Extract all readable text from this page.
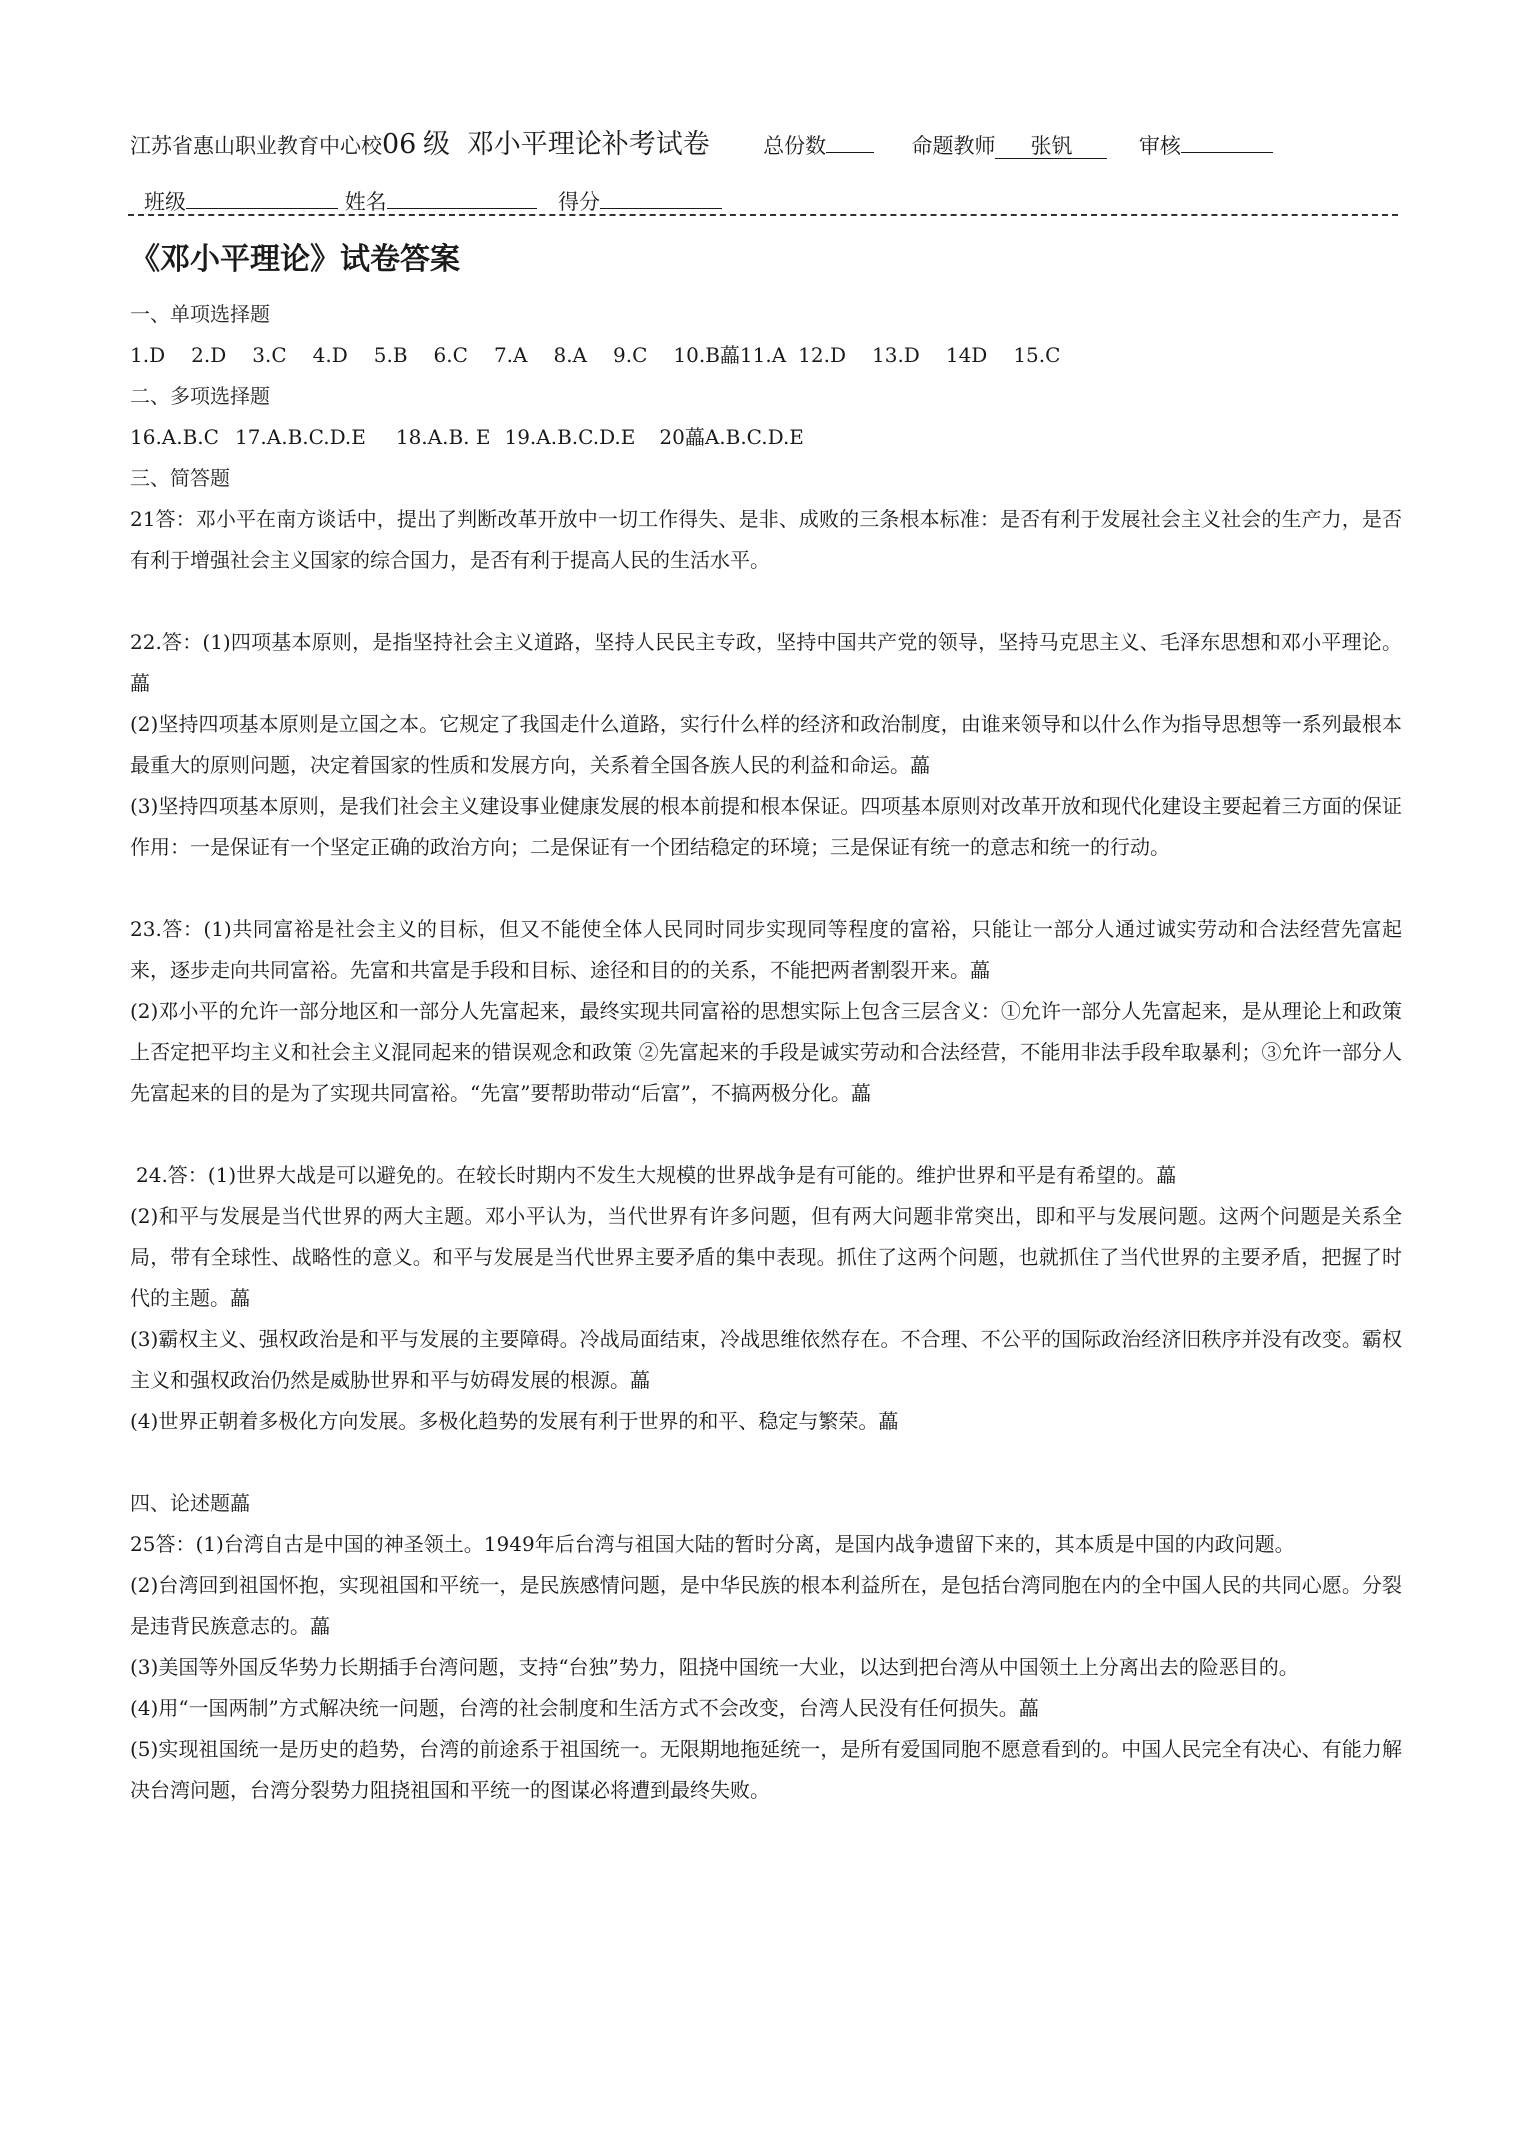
江苏省惠山职业教育中心校06 级 邓小平理论补考试卷	总份数	命题教师 张钒	审核
班级	姓名	得分
《邓小平理论》试卷答案

一、单项选择题

1.D 2.D 3.C 4.D 5.B 6.C 7.A 8.A 9.C 10.B藟11.A 12.D 13.D 14D 15.C

二、多项选择题

16.A.B.C 17.A.B.C.D.E 18.A.B. E 19.A.B.C.D.E 20藟A.B.C.D.E

三、简答题

21答：邓小平在南方谈话中，提出了判断改革开放中一切工作得失、是非、成败的三条根本标准：是否有利于发展社会主义社会的生产力，是否有利于增强社会主义国家的综合国力，是否有利于提高人民的生活水平。

22.答：(1)四项基本原则，是指坚持社会主义道路，坚持人民民主专政，坚持中国共产党的领导，坚持马克思主义、毛泽东思想和邓小平理论。藟

(2)坚持四项基本原则是立国之本。它规定了我国走什么道路，实行什么样的经济和政治制度，由谁来领导和以什么作为指导思想等一系列最根本最重大的原则问题，决定着国家的性质和发展方向，关系着全国各族人民的利益和命运。藟

(3)坚持四项基本原则，是我们社会主义建设事业健康发展的根本前提和根本保证。四项基本原则对改革开放和现代化建设主要起着三方面的保证作用：一是保证有一个坚定正确的政治方向；二是保证有一个团结稳定的环境；三是保证有统一的意志和统一的行动。

23.答：(1)共同富裕是社会主义的目标，但又不能使全体人民同时同步实现同等程度的富裕，只能让一部分人通过诚实劳动和合法经营先富起来，逐步走向共同富裕。先富和共富是手段和目标、途径和目的的关系，不能把两者割裂开来。藟

(2)邓小平的允许一部分地区和一部分人先富起来，最终实现共同富裕的思想实际上包含三层含义：①允许一部分人先富起来，是从理论上和政策上否定把平均主义和社会主义混同起来的错误观念和政策 ②先富起来的手段是诚实劳动和合法经营，不能用非法手段牟取暴利；③允许一部分人先富起来的目的是为了实现共同富裕。“先富”要帮助带动“后富”，不搞两极分化。藟

24.答：(1)世界大战是可以避免的。在较长时期内不发生大规模的世界战争是有可能的。维护世界和平是有希望的。藟

(2)和平与发展是当代世界的两大主题。邓小平认为，当代世界有许多问题，但有两大问题非常突出，即和平与发展问题。这两个问题是关系全局，带有全球性、战略性的意义。和平与发展是当代世界主要矛盾的集中表现。抓住了这两个问题，也就抓住了当代世界的主要矛盾，把握了时代的主题。藟

(3)霸权主义、强权政治是和平与发展的主要障碍。冷战局面结束，冷战思维依然存在。不合理、不公平的国际政治经济旧秩序并没有改变。霸权主义和强权政治仍然是威胁世界和平与妨碍发展的根源。藟

(4)世界正朝着多极化方向发展。多极化趋势的发展有利于世界的和平、稳定与繁荣。藟

四、论述题藟

25答：(1)台湾自古是中国的神圣领土。1949年后台湾与祖国大陆的暂时分离，是国内战争遗留下来的，其本质是中国的内政问题。

(2)台湾回到祖国怀抱，实现祖国和平统一，是民族感情问题，是中华民族的根本利益所在，是包括台湾同胞在内的全中国人民的共同心愿。分裂是违背民族意志的。藟

(3)美国等外国反华势力长期插手台湾问题，支持“台独”势力，阻挠中国统一大业，以达到把台湾从中国领土上分离出去的险恶目的。

(4)用“一国两制”方式解决统一问题，台湾的社会制度和生活方式不会改变，台湾人民没有任何损失。藟

(5)实现祖国统一是历史的趋势，台湾的前途系于祖国统一。无限期地拖延统一，是所有爱国同胞不愿意看到的。中国人民完全有决心、有能力解决台湾问题，台湾分裂势力阻挠祖国和平统一的图谋必将遭到最终失败。
